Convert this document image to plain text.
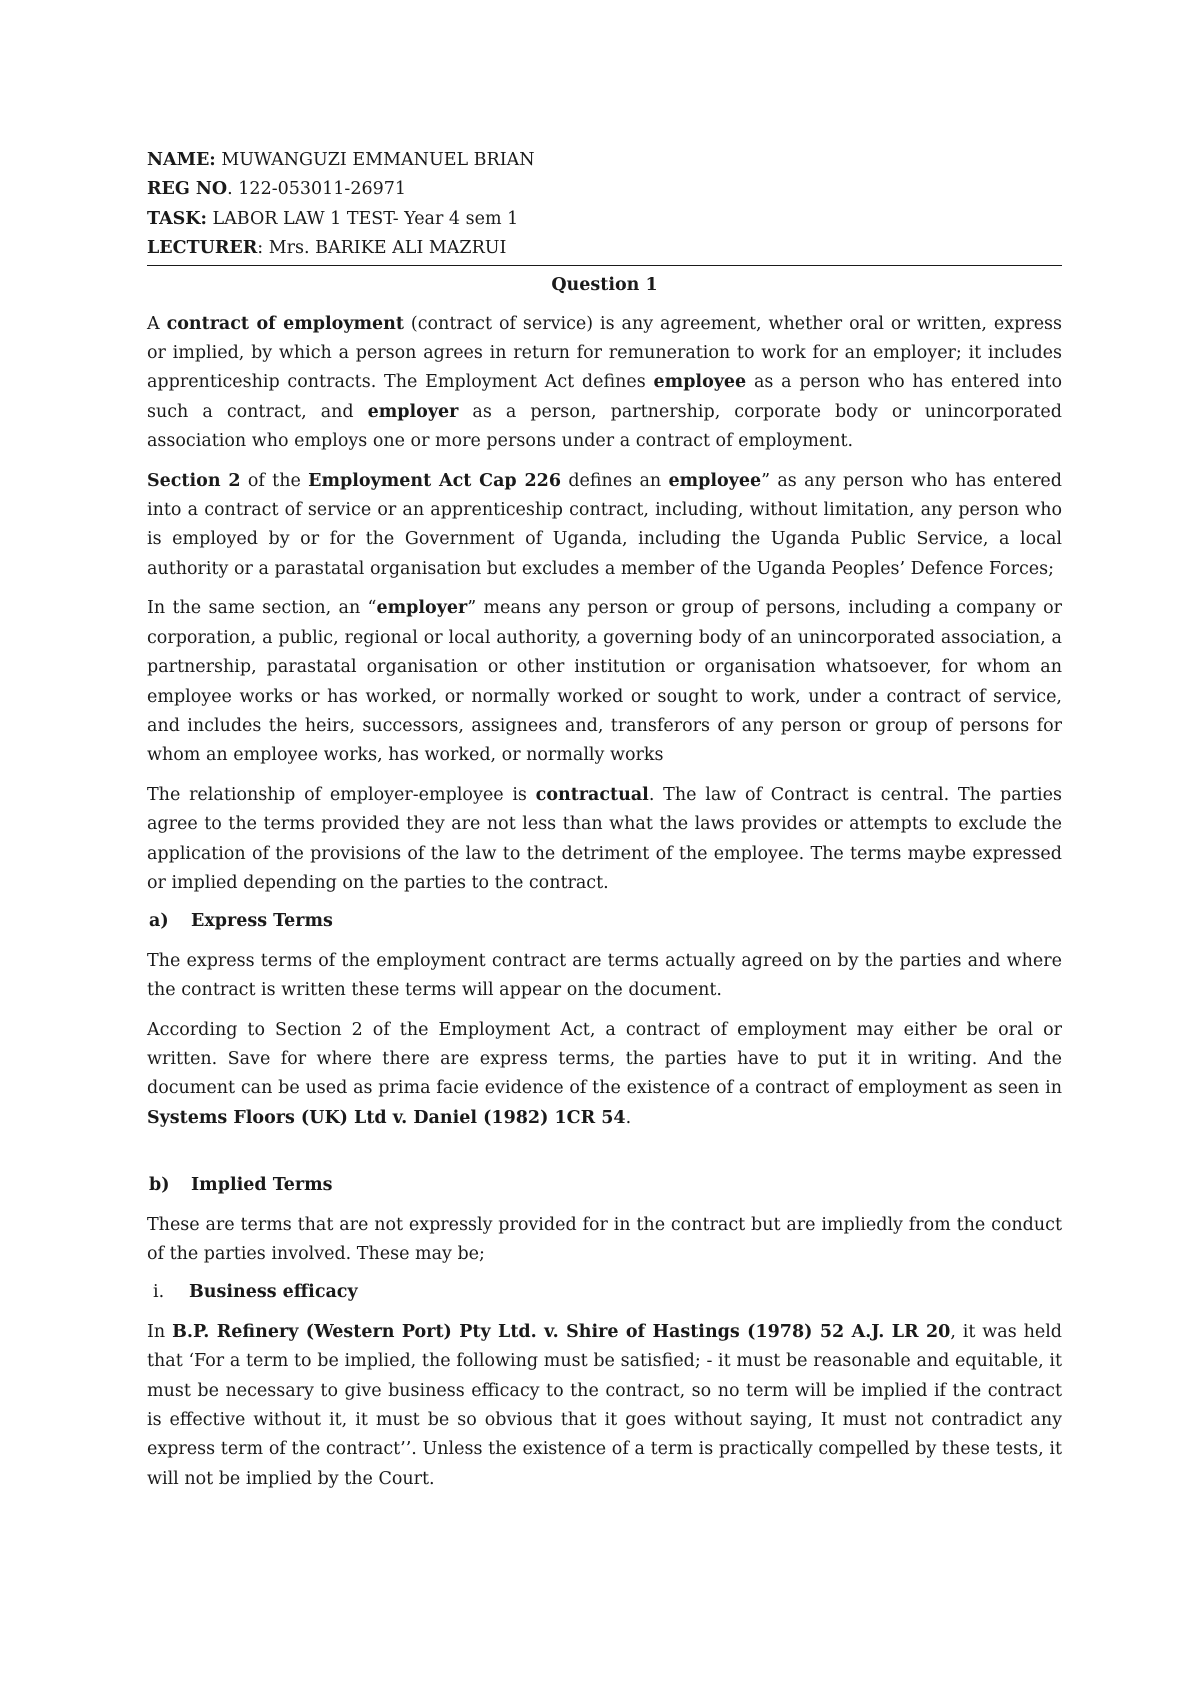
NAME: MUWANGUZI EMMANUEL BRIAN

REG NO. 122-053011-26971

TASK: LABOR LAW 1 TEST- Year 4 sem 1

LECTURER: Mrs. BARIKE ALI MAZRUI

Question 1

A contract of employment (contract of service) is any agreement, whether oral or written, express or implied, by which a person agrees in return for remuneration to work for an employer; it includes apprenticeship contracts. The Employment Act defines employee as a person who has entered into such a contract, and employer as a person, partnership, corporate body or unincorporated association who employs one or more persons under a contract of employment.

Section 2 of the Employment Act Cap 226 defines an employee” as any person who has entered into a contract of service or an apprenticeship contract, including, without limitation, any person who is employed by or for the Government of Uganda, including the Uganda Public Service, a local authority or a parastatal organisation but excludes a member of the Uganda Peoples’ Defence Forces;

In the same section, an “employer” means any person or group of persons, including a company or corporation, a public, regional or local authority, a governing body of an unincorporated association, a partnership, parastatal organisation or other institution or organisation whatsoever, for whom an employee works or has worked, or normally worked or sought to work, under a contract of service, and includes the heirs, successors, assignees and, transferors of any person or group of persons for whom an employee works, has worked, or normally works

The relationship of employer-employee is contractual. The law of Contract is central. The parties agree to the terms provided they are not less than what the laws provides or attempts to exclude the application of the provisions of the law to the detriment of the employee. The terms maybe expressed or implied depending on the parties to the contract.

a) Express Terms

The express terms of the employment contract are terms actually agreed on by the parties and where the contract is written these terms will appear on the document.

According to Section 2 of the Employment Act, a contract of employment may either be oral or written. Save for where there are express terms, the parties have to put it in writing. And the document can be used as prima facie evidence of the existence of a contract of employment as seen in Systems Floors (UK) Ltd v. Daniel (1982) 1CR 54.

b) Implied Terms

These are terms that are not expressly provided for in the contract but are impliedly from the conduct of the parties involved. These may be;

i. Business efficacy

In B.P. Refinery (Western Port) Pty Ltd. v. Shire of Hastings (1978) 52 A.J. LR 20, it was held that ‘For a term to be implied, the following must be satisfied; - it must be reasonable and equitable, it must be necessary to give business efficacy to the contract, so no term will be implied if the contract is effective without it, it must be so obvious that it goes without saying, It must not contradict any express term of the contract’’. Unless the existence of a term is practically compelled by these tests, it will not be implied by the Court.
